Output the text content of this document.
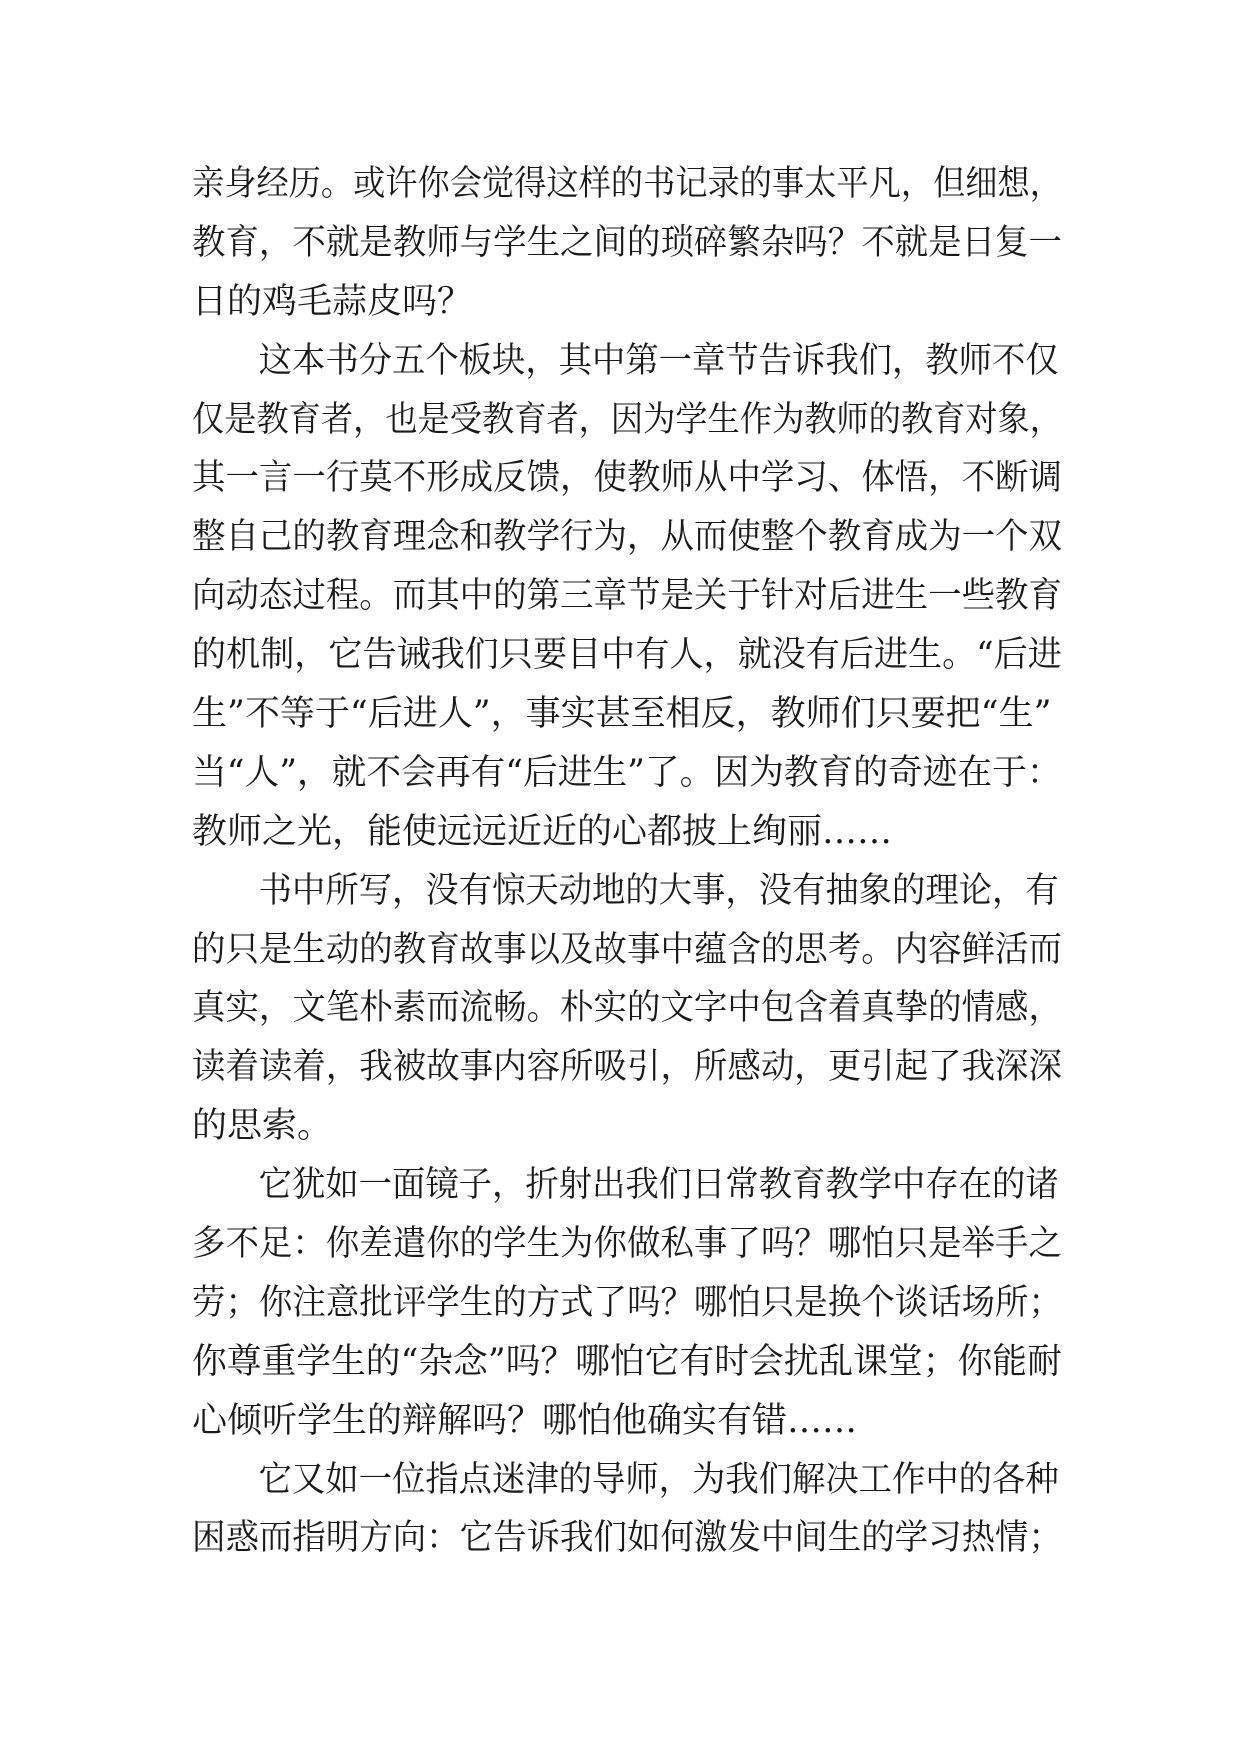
亲身经历。或许你会觉得这样的书记录的事太平凡，但细想，
教育，不就是教师与学生之间的琐碎繁杂吗？不就是日复一
日的鸡毛蒜皮吗？
这本书分五个板块，其中第一章节告诉我们，教师不仅
仅是教育者，也是受教育者，因为学生作为教师的教育对象，
其一言一行莫不形成反馈，使教师从中学习、体悟，不断调
整自己的教育理念和教学行为，从而使整个教育成为一个双
向动态过程。而其中的第三章节是关于针对后进生一些教育
的机制，它告诫我们只要目中有人，就没有后进生。“后进
生”不等于“后进人”，事实甚至相反，教师们只要把“生”
当“人”，就不会再有“后进生”了。因为教育的奇迹在于：
教师之光，能使远远近近的心都披上绚丽……
书中所写，没有惊天动地的大事，没有抽象的理论，有
的只是生动的教育故事以及故事中蕴含的思考。内容鲜活而
真实，文笔朴素而流畅。朴实的文字中包含着真挚的情感，
读着读着，我被故事内容所吸引，所感动，更引起了我深深
的思索。
它犹如一面镜子，折射出我们日常教育教学中存在的诸
多不足：你差遣你的学生为你做私事了吗？哪怕只是举手之
劳；你注意批评学生的方式了吗？哪怕只是换个谈话场所；
你尊重学生的“杂念”吗？哪怕它有时会扰乱课堂；你能耐
心倾听学生的辩解吗？哪怕他确实有错……
它又如一位指点迷津的导师，为我们解决工作中的各种
困惑而指明方向：它告诉我们如何激发中间生的学习热情；
